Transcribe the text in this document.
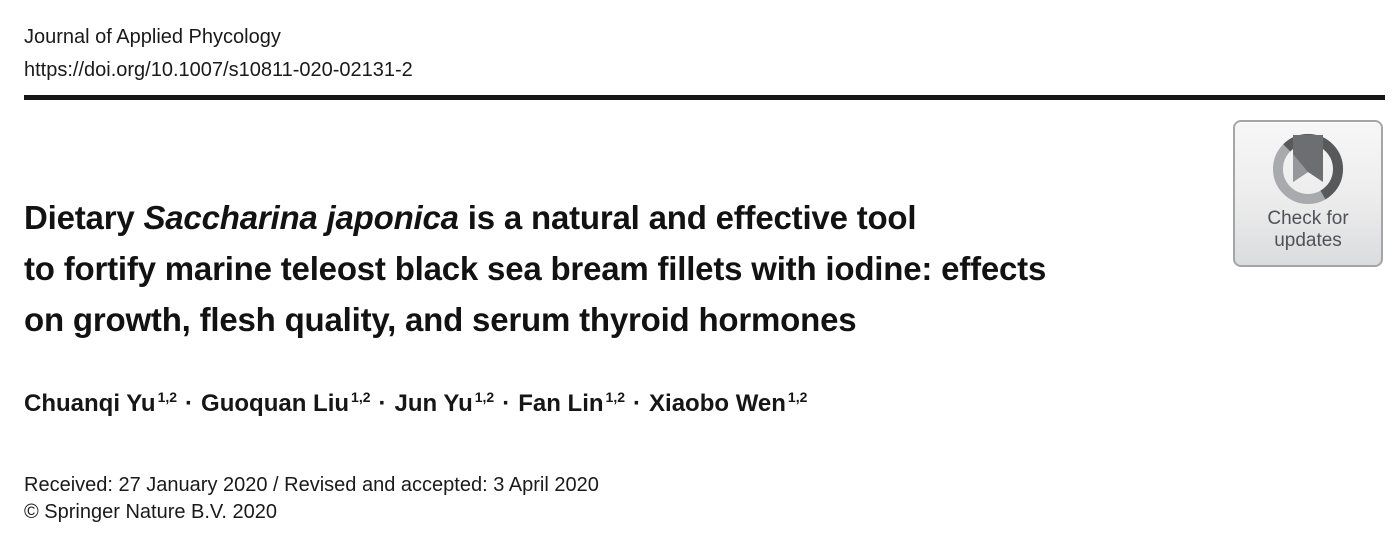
Journal of Applied Phycology
https://doi.org/10.1007/s10811-020-02131-2
Check for
updates
Dietary Saccharina japonica is a natural and effective tool
to fortify marine teleost black sea bream fillets with iodine: effects
on growth, flesh quality, and serum thyroid hormones
Chuanqi Yu $^{1,2}$ · Guoquan Liu $^{1,2}$ · Jun Yu $^{1,2}$ · Fan Lin $^{1,2}$ · Xiaobo Wen $^{1,2}$
Received: 27 January 2020 / Revised and accepted: 3 April 2020
© Springer Nature B.V. 2020
